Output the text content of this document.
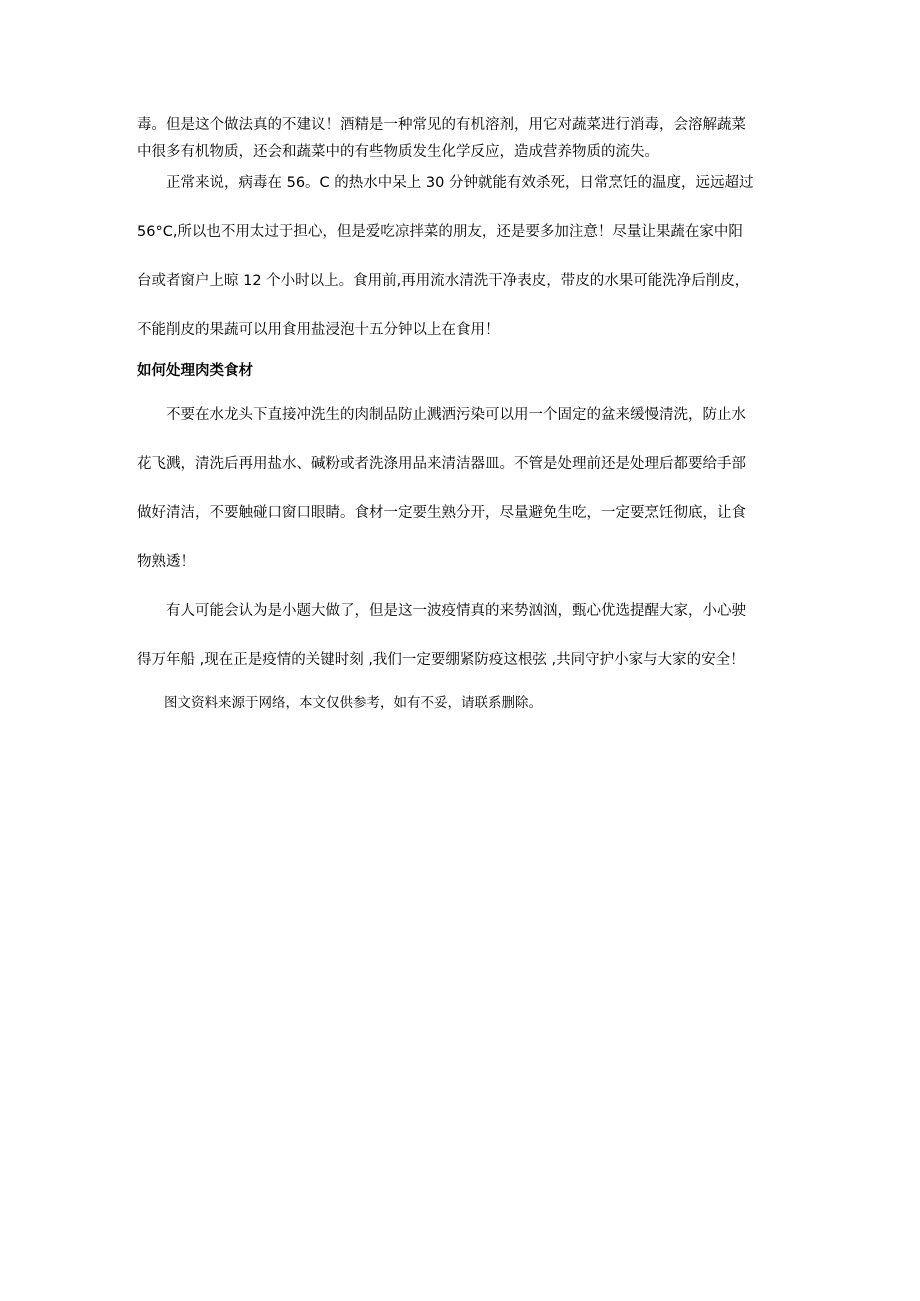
毒。但是这个做法真的不建议！酒精是一种常见的有机溶剂，用它对蔬菜进行消毒，会溶解蔬菜
中很多有机物质，还会和蔬菜中的有些物质发生化学反应，造成营养物质的流失。
正常来说，病毒在 56。C 的热水中呆上 30 分钟就能有效杀死，日常烹饪的温度，远远超过
56°C,所以也不用太过于担心，但是爱吃凉拌菜的朋友，还是要多加注意！尽量让果蔬在家中阳
台或者窗户上晾 12 个小时以上。食用前,再用流水清洗干净表皮，带皮的水果可能洗净后削皮，
不能削皮的果蔬可以用食用盐浸泡十五分钟以上在食用！
如何处理肉类食材
不要在水龙头下直接冲洗生的肉制品防止溅洒污染可以用一个固定的盆来缓慢清洗，防止水
花飞溅，清洗后再用盐水、碱粉或者洗涤用品来清洁器皿。不管是处理前还是处理后都要给手部
做好清洁，不要触碰口窗口眼睛。食材一定要生熟分开，尽量避免生吃，一定要烹饪彻底，让食
物熟透！
有人可能会认为是小题大做了，但是这一波疫情真的来势汹汹，甄心优选提醒大家，小心驶
得万年船 ,现在正是疫情的关键时刻 ,我们一定要绷紧防疫这根弦 ,共同守护小家与大家的安全！
图文资料来源于网络，本文仅供参考，如有不妥，请联系删除。
